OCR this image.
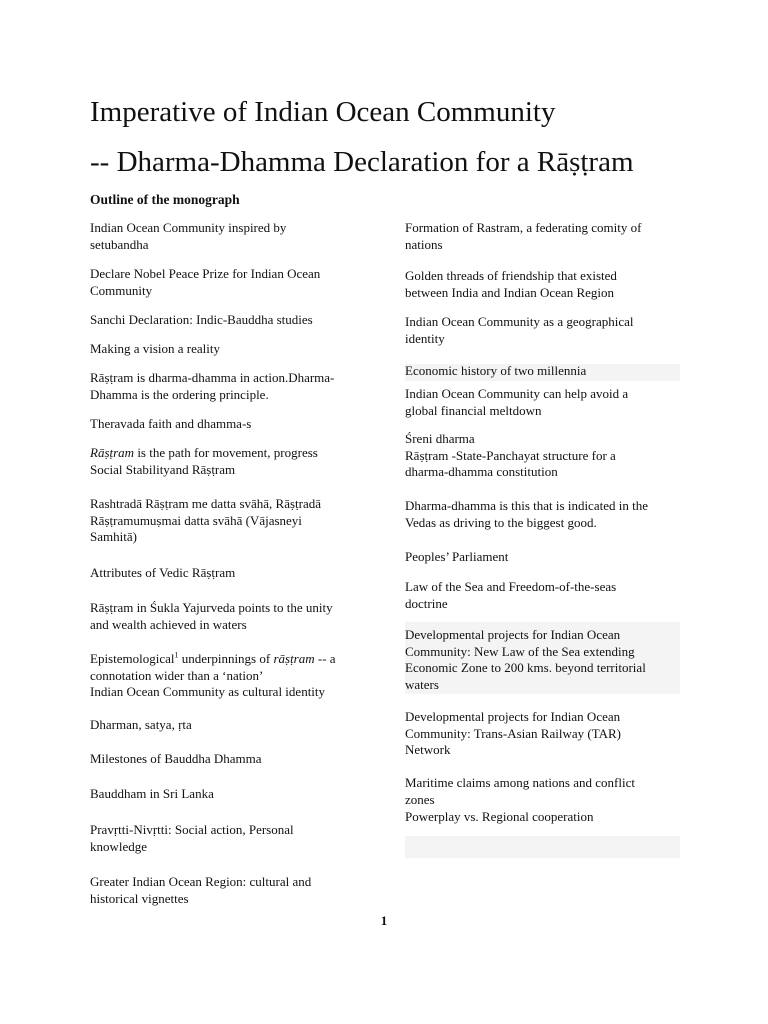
Imperative of Indian Ocean Community
-- Dharma-Dhamma Declaration for a Rāṣṭram
Outline of the monograph
Indian Ocean Community inspired by
setubandha
Declare Nobel Peace Prize for Indian Ocean
Community
Sanchi Declaration: Indic-Bauddha studies
Making a vision a reality
Rāṣṭram is dharma-dhamma in action.Dharma-
Dhamma is the ordering principle.
Theravada faith and dhamma-s
Rāṣṭram is the path for movement, progress
Social Stabilityand Rāṣṭram
Rashtradā Rāṣṭram me datta svāhā, Rāṣṭradā
Rāṣṭramumuṣmai datta svāhā (Vājasneyi
Samhitā)
Attributes of Vedic Rāṣṭram
Rāṣṭram in Śukla Yajurveda points to the unity
and wealth achieved in waters
Epistemological$^1$ underpinnings of rāṣṭram -- a
connotation wider than a ‘nation’
Indian Ocean Community as cultural identity
Dharman, satya, ṛta
Milestones of Bauddha Dhamma
Bauddham in Sri Lanka
Pravṛtti-Nivṛtti: Social action, Personal
knowledge
Greater Indian Ocean Region: cultural and
historical vignettes
Formation of Rastram, a federating comity of
nations
Golden threads of friendship that existed
between India and Indian Ocean Region
Indian Ocean Community as a geographical
identity
Economic history of two millennia
Indian Ocean Community can help avoid a
global financial meltdown
Śreni dharma
Rāṣṭram -State-Panchayat structure for a
dharma-dhamma constitution
Dharma-dhamma is this that is indicated in the
Vedas as driving to the biggest good.
Peoples’ Parliament
Law of the Sea and Freedom-of-the-seas
doctrine
Developmental projects for Indian Ocean
Community: New Law of the Sea extending
Economic Zone to 200 kms. beyond territorial
waters
Developmental projects for Indian Ocean
Community: Trans-Asian Railway (TAR)
Network
Maritime claims among nations and conflict
zones
Powerplay vs. Regional cooperation
1
